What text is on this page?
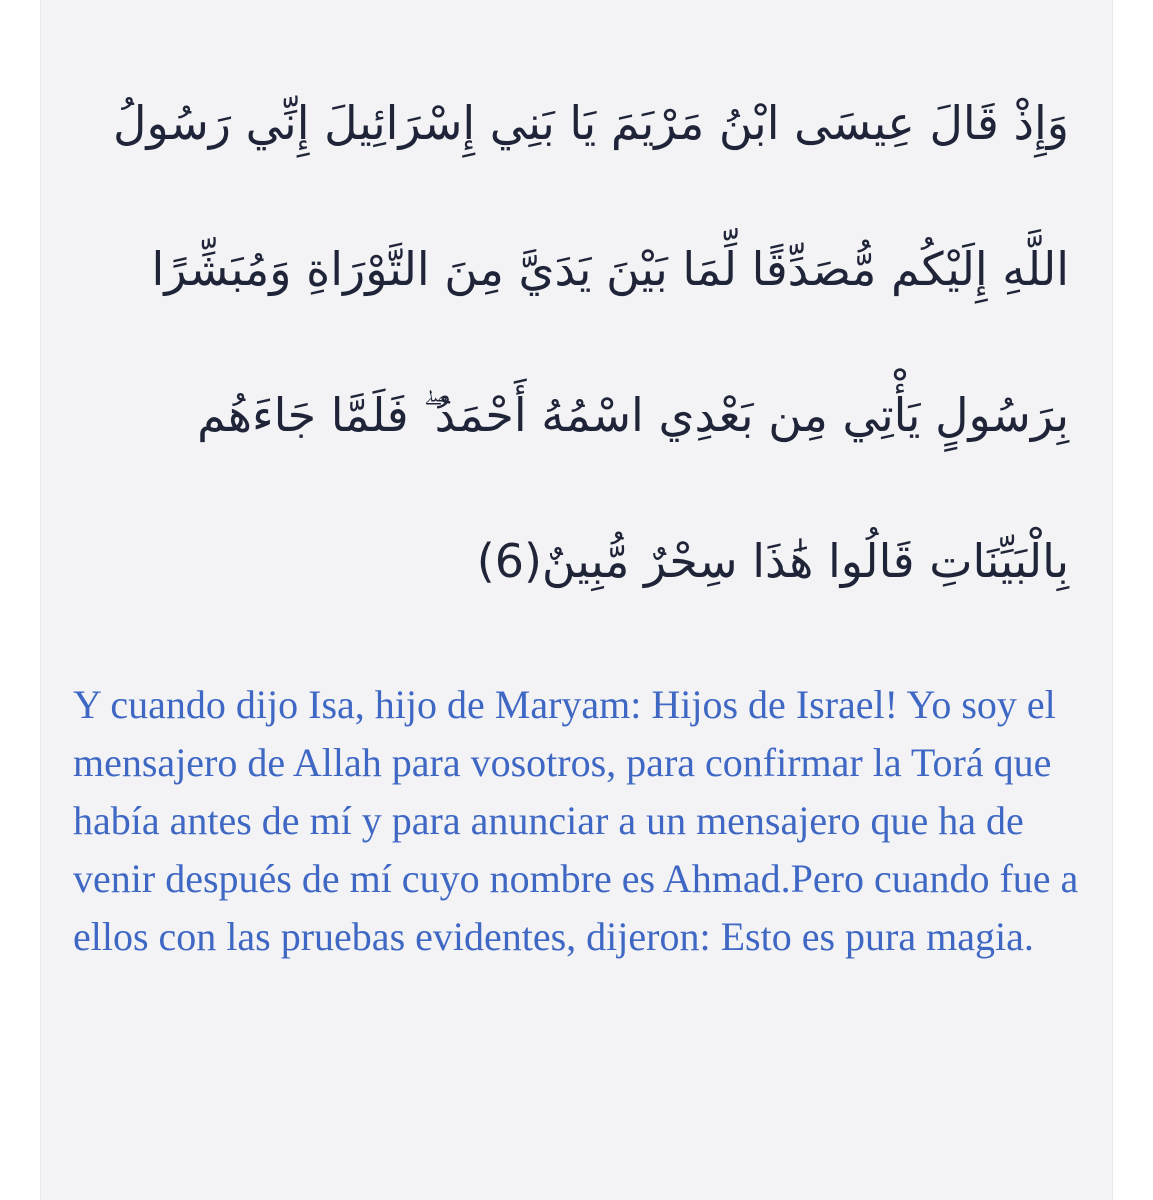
وَإِذْ قَالَ عِيسَى ابْنُ مَرْيَمَ يَا بَنِي إِسْرَائِيلَ إِنِّي رَسُولُ
اللَّهِ إِلَيْكُم مُّصَدِّقًا لِّمَا بَيْنَ يَدَيَّ مِنَ التَّوْرَاةِ وَمُبَشِّرًا
بِرَسُولٍ يَأْتِي مِن بَعْدِي اسْمُهُ أَحْمَدُ ۖ فَلَمَّا جَاءَهُم
بِالْبَيِّنَاتِ قَالُوا هَٰذَا سِحْرٌ مُّبِينٌ(6)

Y cuando dijo Isa, hijo de Maryam: Hijos de Israel! Yo soy el mensajero de Allah para vosotros, para confirmar la Torá que había antes de mí y para anunciar a un mensajero que ha de venir después de mí cuyo nombre es Ahmad.Pero cuando fue a ellos con las pruebas evidentes, dijeron: Esto es pura magia.
